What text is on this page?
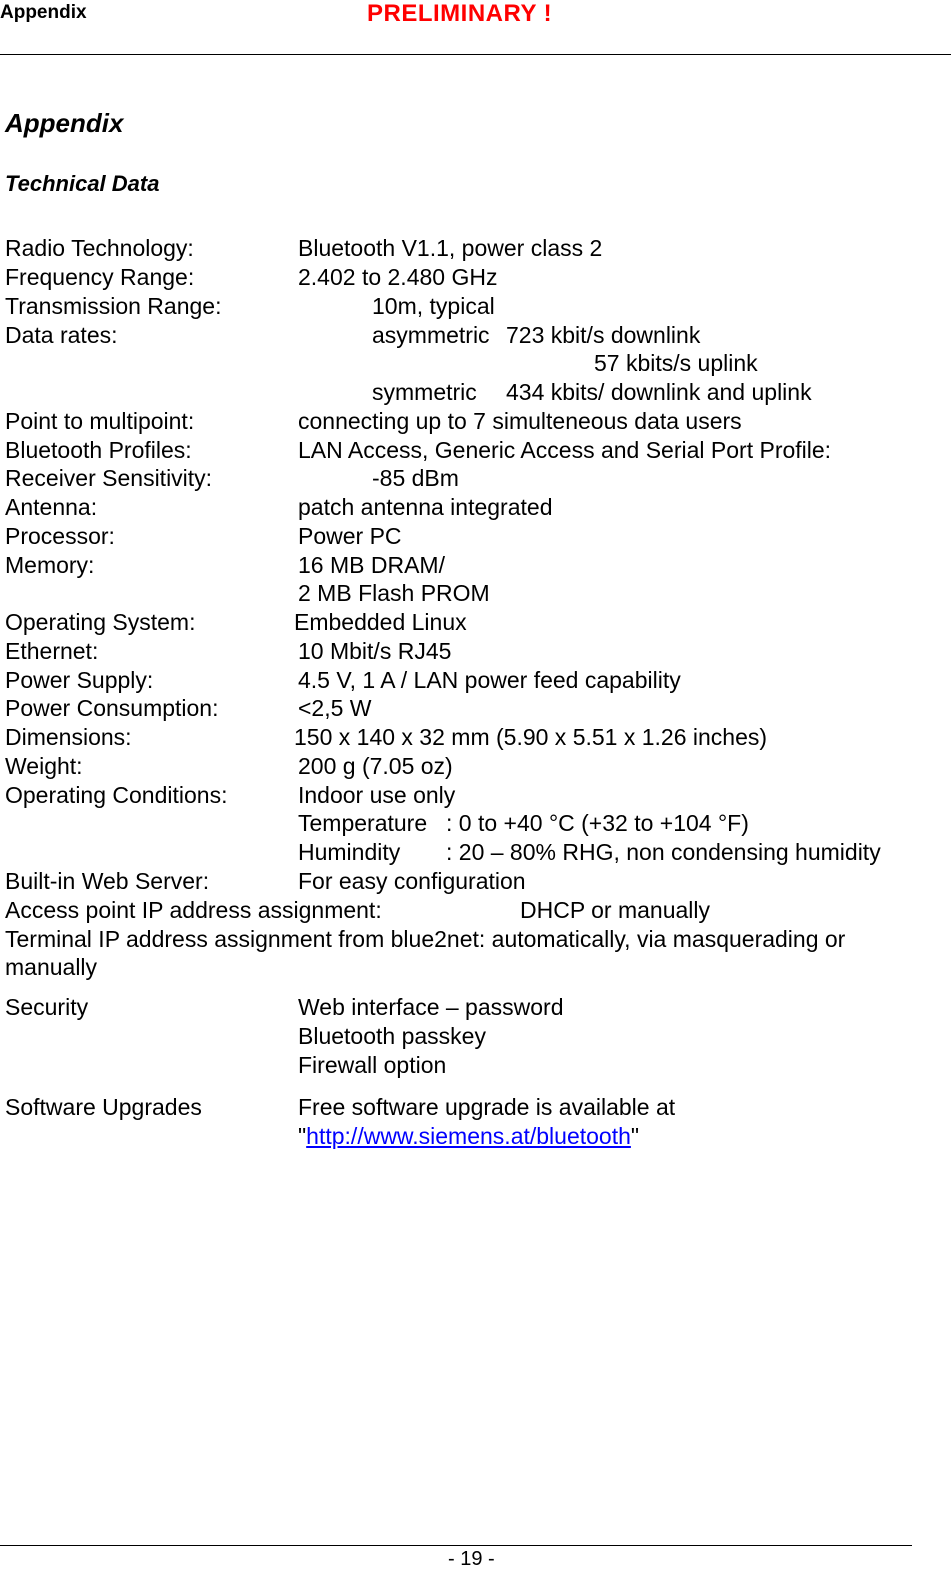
Appendix	PRELIMINARY !
Appendix
Technical Data
Radio Technology:	Bluetooth V1.1, power class 2
Frequency Range:	2.402 to 2.480 GHz
Transmission Range:	10m, typical
Data rates:	asymmetric 723 kbit/s downlink
57 kbits/s uplink
symmetric 434 kbits/ downlink and uplink
Point to multipoint:	connecting up to 7 simulteneous data users
Bluetooth Profiles:	LAN Access, Generic Access and Serial Port Profile:
Receiver Sensitivity:	-85 dBm
Antenna:	patch antenna integrated
Processor:	Power PC
Memory:	16 MB DRAM/
2 MB Flash PROM
Operating System:	Embedded Linux
Ethernet:	10 Mbit/s RJ45
Power Supply:	4.5 V, 1 A / LAN power feed capability
Power Consumption:	<2,5 W
Dimensions:	150 x 140 x 32 mm (5.90 x 5.51 x 1.26 inches)
Weight:	200 g (7.05 oz)
Operating Conditions:	Indoor use only
Temperature : 0 to +40 °C (+32 to +104 °F)
Humindity : 20 – 80% RHG, non condensing humidity
Built-in Web Server:	For easy configuration
Access point IP address assignment:	DHCP or manually
Terminal IP address assignment from blue2net: automatically, via masquerading or
manually
Security	Web interface – password
Bluetooth passkey
Firewall option
Software Upgrades	Free software upgrade is available at
"http://www.siemens.at/bluetooth"
- 19 -
